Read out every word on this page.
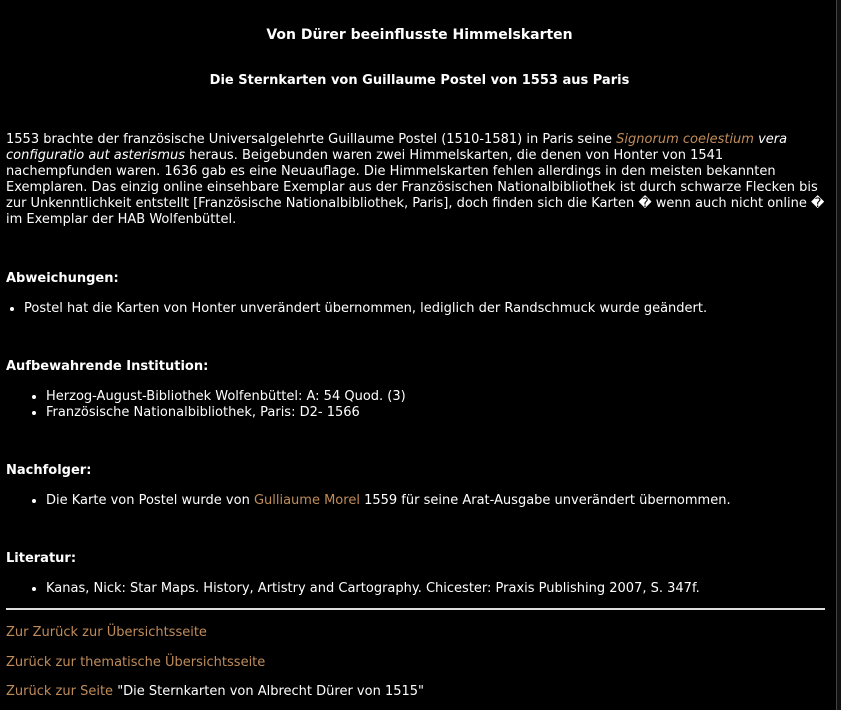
Von Dürer beeinflusste Himmelskarten
Die Sternkarten von Guillaume Postel von 1553 aus Paris

1553 brachte der französische Universalgelehrte Guillaume Postel (1510-1581) in Paris seine Signorum coelestium vera configuratio aut asterismus heraus. Beigebunden waren zwei Himmelskarten, die denen von Honter von 1541 nachempfunden waren. 1636 gab es eine Neuauflage. Die Himmelskarten fehlen allerdings in den meisten bekannten Exemplaren. Das einzig online einsehbare Exemplar aus der Französischen Nationalbibliothek ist durch schwarze Flecken bis zur Unkenntlichkeit entstellt [Französische Nationalbibliothek, Paris], doch finden sich die Karten � wenn auch nicht online � im Exemplar der HAB Wolfenbüttel.

Abweichungen:

• Postel hat die Karten von Honter unverändert übernommen, lediglich der Randschmuck wurde geändert.

Aufbewahrende Institution:

• Herzog-August-Bibliothek Wolfenbüttel: A: 54 Quod. (3)
• Französische Nationalbibliothek, Paris: D2- 1566

Nachfolger:

• Die Karte von Postel wurde von Gulliaume Morel 1559 für seine Arat-Ausgabe unverändert übernommen.

Literatur:

• Kanas, Nick: Star Maps. History, Artistry and Cartography. Chicester: Praxis Publishing 2007, S. 347f.

Zur Zurück zur Übersichtsseite

Zurück zur thematische Übersichtsseite

Zurück zur Seite "Die Sternkarten von Albrecht Dürer von 1515"
